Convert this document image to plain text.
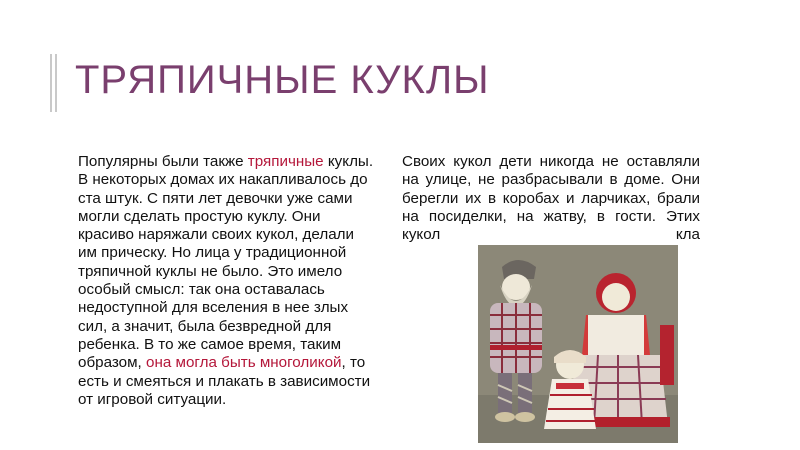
ТРЯПИЧНЫЕ КУКЛЫ
Популярны были также тряпичные куклы. В некоторых домах их накапливалось до ста штук. С пяти лет девочки уже сами могли сделать простую куклу. Они красиво наряжали своих кукол, делали им прическу. Но лица у традиционной тряпичной куклы не было. Это имело особый смысл: так она оставалась недоступной для вселения в нее злых сил, а значит, была безвредной для ребенка. В то же самое время, таким образом, она могла быть многоликой, то есть и смеяться и плакать в зависимости от игровой ситуации.
Своих кукол дети никогда не оставляли на улице, не разбрасывали в доме. Они берегли их в коробах и ларчиках, брали на посиделки, на жатву, в гости. Этих кукол кла
